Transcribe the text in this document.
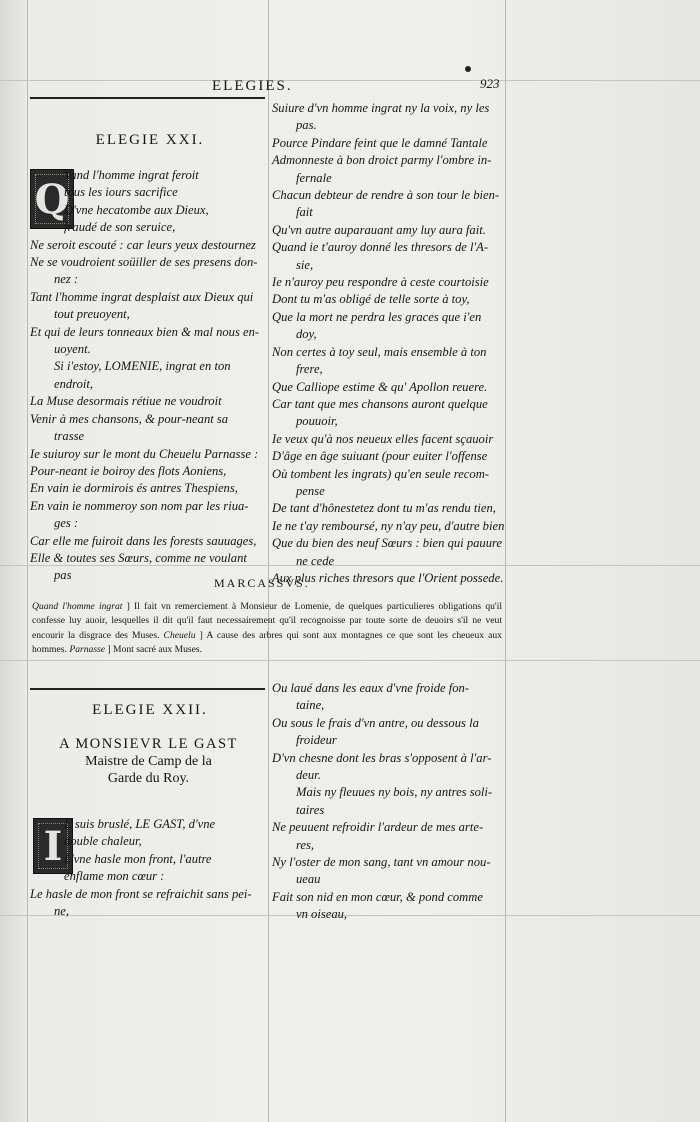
ELEGIES.	923
ELEGIE XXI.
Q
Vand l'homme ingrat feroit
tous les iours sacrifice
D'vne hecatombe aux Dieux,
fraudé de son seruice,
Ne seroit escouté : car leurs yeux destournez
Ne se voudroient soüiller de ses presens don-
nez :
Tant l'homme ingrat desplaist aux Dieux qui
tout preuoyent,
Et qui de leurs tonneaux bien & mal nous en-
uoyent.
Si i'estoy, LOMENIE, ingrat en ton
endroit,
La Muse desormais rétiue ne voudroit
Venir à mes chansons, & pour-neant sa
trasse
Ie suiuroy sur le mont du Cheuelu Parnasse :
Pour-neant ie boiroy des flots Aoniens,
En vain ie dormirois és antres Thespiens,
En vain ie nommeroy son nom par les riua-
ges :
Car elle me fuiroit dans les forests sauuages,
Elle & toutes ses Sœurs, comme ne voulant
pas
Suiure d'vn homme ingrat ny la voix, ny les
pas.
Pource Pindare feint que le damné Tantale
Admonneste à bon droict parmy l'ombre in-
fernale
Chacun debteur de rendre à son tour le bien-
fait
Qu'vn autre auparauant amy luy aura fait.
Quand ie t'auroy donné les thresors de l'A-
sie,
Ie n'auroy peu respondre à ceste courtoisie
Dont tu m'as obligé de telle sorte à toy,
Que la mort ne perdra les graces que i'en
doy,
Non certes à toy seul, mais ensemble à ton
frere,
Que Calliope estime & qu' Apollon reuere.
Car tant que mes chansons auront quelque
pouuoir,
Ie veux qu'à nos neueux elles facent sçauoir
D'âge en âge suiuant (pour euiter l'offense
Où tombent les ingrats) qu'en seule recom-
pense
De tant d'hônestetez dont tu m'as rendu tien,
Ie ne t'ay remboursé, ny n'ay peu, d'autre bien
Que du bien des neuf Sœurs : bien qui pauure
ne cede
Aux plus riches thresors que l'Orient possede.
MARCASSVS.
Quand l'homme ingrat ] Il fait vn remerciement à Monsieur de Lomenie, de quelques particulieres obligations qu'il confesse luy auoir, lesquelles il dit qu'il faut necessairement qu'il recognoisse par toute sorte de deuoirs s'il ne veut encourir la disgrace des Muses. Cheuelu ] A cause des arbres qui sont aux montagnes ce que sont les cheueux aux hommes. Parnasse ] Mont sacré aux Muses.
ELEGIE XXII.
A MONSIEVR LE GAST
Maistre de Camp de la
Garde du Roy.
I E suis bruslé, LE GAST, d'vne
double chaleur,
L'vne hasle mon front, l'autre
enflame mon cœur :
Le hasle de mon front se refraichit sans pei-
ne,
Ou laué dans les eaux d'vne froide fon-
taine,
Ou sous le frais d'vn antre, ou dessous la
froideur
D'vn chesne dont les bras s'opposent à l'ar-
deur.
Mais ny fleuues ny bois, ny antres soli-
taires
Ne peuuent refroidir l'ardeur de mes arte-
res,
Ny l'oster de mon sang, tant vn amour nou-
ueau
Fait son nid en mon cœur, & pond comme
vn oiseau,
